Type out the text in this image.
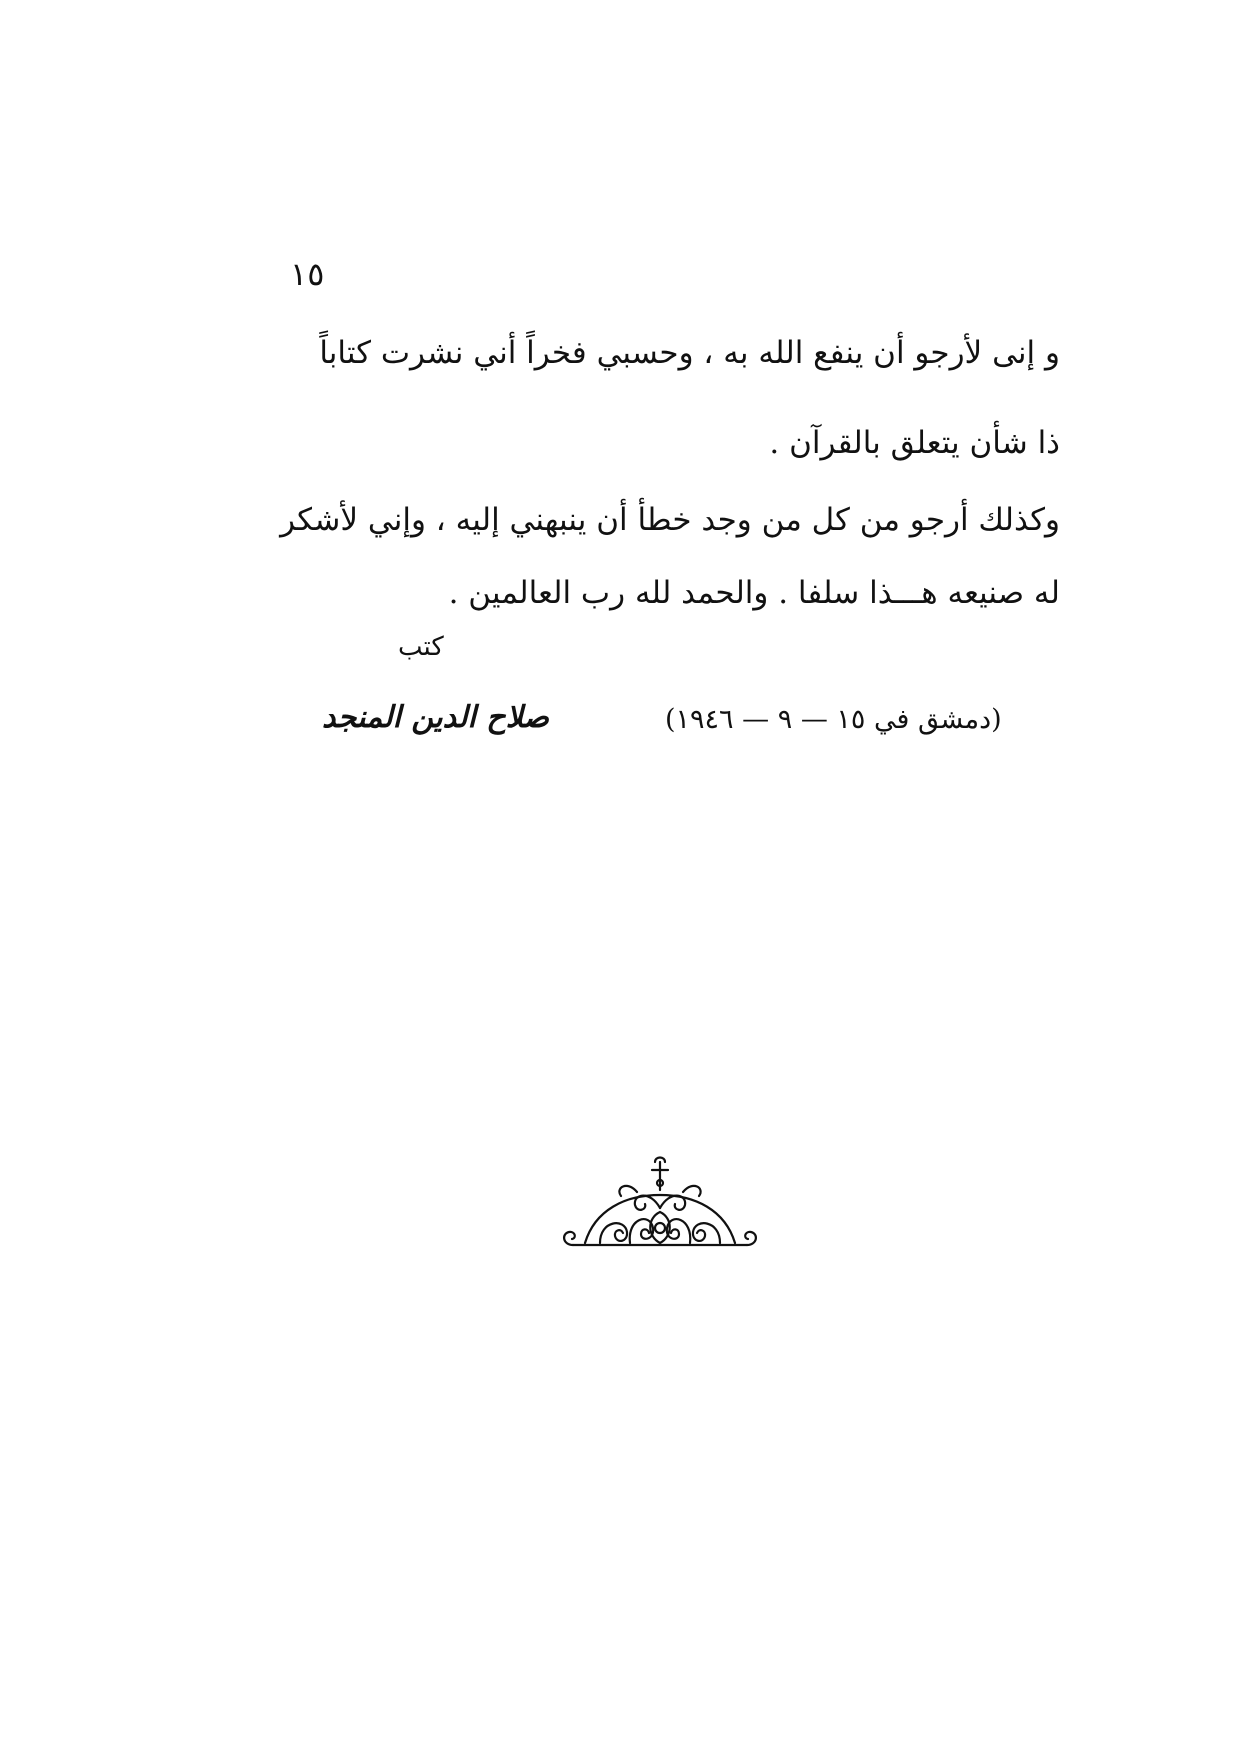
١٥
و إنى لأرجو أن ينفع الله به ، وحسبي فخراً أني نشرت كتاباً
ذا شأن يتعلق بالقرآن .
وكذلك أرجو من كل من وجد خطأ أن ينبهني إليه ، وإني لأشكر
له صنيعه هـــذا سلفا . والحمد لله رب العالمين .
كتب
صلاح الدين المنجد	(دمشق في ١٥ — ٩ — ١٩٤٦)
